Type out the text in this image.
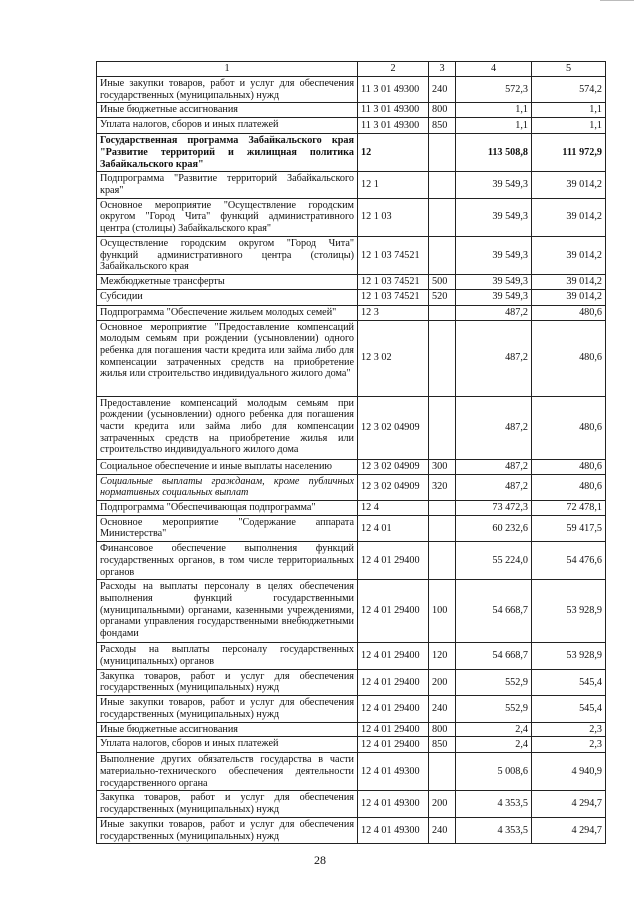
1	2	3	4	5
Иные закупки товаров, работ и услуг для обеспечения государственных (муниципальных) нужд	11 3 01 49300	240	572,3	574,2
Иные бюджетные ассигнования	11 3 01 49300	800	1,1	1,1
Уплата налогов, сборов и иных платежей	11 3 01 49300	850	1,1	1,1
Государственная программа Забайкальского края "Развитие территорий и жилищная политика Забайкальского края"	12		113 508,8	111 972,9
Подпрограмма "Развитие территорий Забайкальского края"	12 1		39 549,3	39 014,2
Основное мероприятие "Осуществление городским округом "Город Чита" функций административного центра (столицы) Забайкальского края"	12 1 03		39 549,3	39 014,2
Осуществление городским округом "Город Чита" функций административного центра (столицы) Забайкальского края	12 1 03 74521		39 549,3	39 014,2
Межбюджетные трансферты	12 1 03 74521	500	39 549,3	39 014,2
Субсидии	12 1 03 74521	520	39 549,3	39 014,2
Подпрограмма "Обеспечение жильем молодых семей"	12 3		487,2	480,6
Основное мероприятие "Предоставление компенсаций молодым семьям при рождении (усыновлении) одного ребенка для погашения части кредита или займа либо для компенсации затраченных средств на приобретение жилья или строительство индивидуального жилого дома"	12 3 02		487,2	480,6
Предоставление компенсаций молодым семьям при рождении (усыновлении) одного ребенка для погашения части кредита или займа либо для компенсации затраченных средств на приобретение жилья или строительство индивидуального жилого дома	12 3 02 04909		487,2	480,6
Социальное обеспечение и иные выплаты населению	12 3 02 04909	300	487,2	480,6
Социальные выплаты гражданам, кроме публичных нормативных социальных выплат	12 3 02 04909	320	487,2	480,6
Подпрограмма "Обеспечивающая подпрограмма"	12 4		73 472,3	72 478,1
Основное мероприятие "Содержание аппарата Министерства"	12 4 01		60 232,6	59 417,5
Финансовое обеспечение выполнения функций государственных органов, в том числе территориальных органов	12 4 01 29400		55 224,0	54 476,6
Расходы на выплаты персоналу в целях обеспечения выполнения функций государственными (муниципальными) органами, казенными учреждениями, органами управления государственными внебюджетными фондами	12 4 01 29400	100	54 668,7	53 928,9
Расходы на выплаты персоналу государственных (муниципальных) органов	12 4 01 29400	120	54 668,7	53 928,9
Закупка товаров, работ и услуг для обеспечения государственных (муниципальных) нужд	12 4 01 29400	200	552,9	545,4
Иные закупки товаров, работ и услуг для обеспечения государственных (муниципальных) нужд	12 4 01 29400	240	552,9	545,4
Иные бюджетные ассигнования	12 4 01 29400	800	2,4	2,3
Уплата налогов, сборов и иных платежей	12 4 01 29400	850	2,4	2,3
Выполнение других обязательств государства в части материально-технического обеспечения деятельности государственного органа	12 4 01 49300		5 008,6	4 940,9
Закупка товаров, работ и услуг для обеспечения государственных (муниципальных) нужд	12 4 01 49300	200	4 353,5	4 294,7
Иные закупки товаров, работ и услуг для обеспечения государственных (муниципальных) нужд	12 4 01 49300	240	4 353,5	4 294,7
28
